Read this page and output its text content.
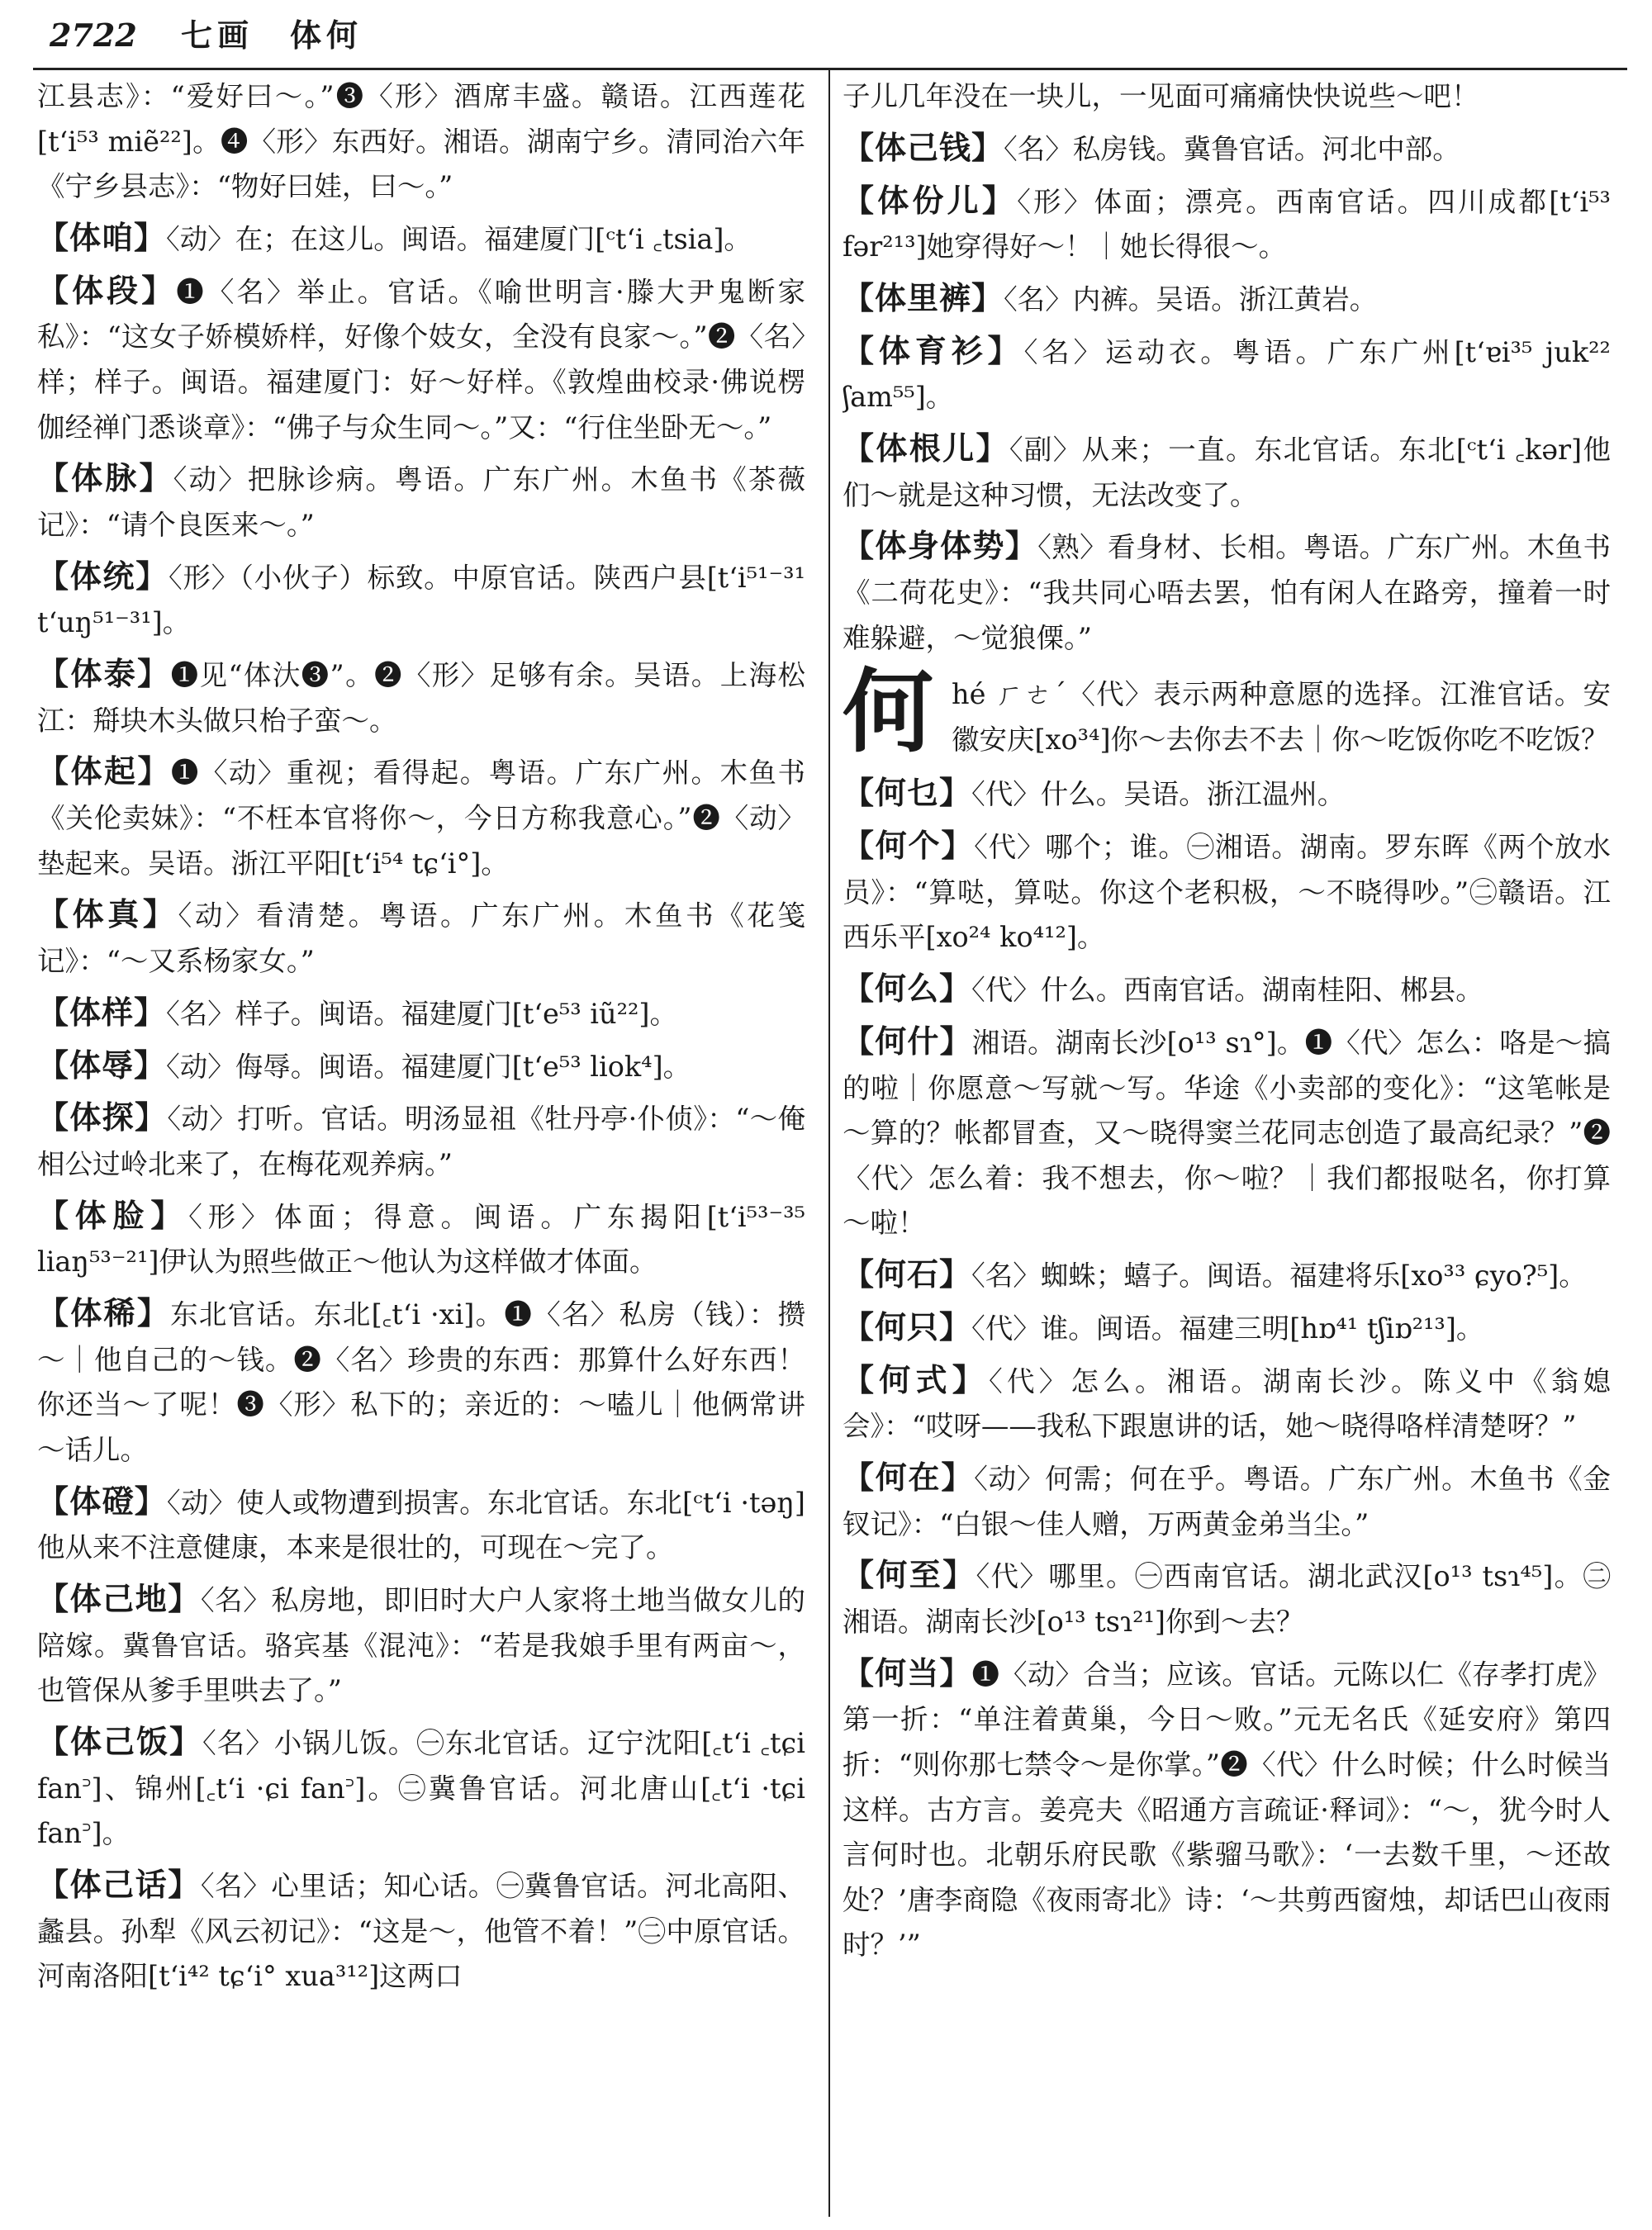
2722 七画　体何
江县志》：“爱好曰～。”❸〈形〉酒席丰盛。赣语。江西莲花[tʻi⁵³ miẽ²²]。❹〈形〉东西好。湘语。湖南宁乡。清同治六年《宁乡县志》：“物好曰娃，曰～。”
【体咱】〈动〉在；在这儿。闽语。福建厦门[ᶜtʻi ꜀tsia]。
【体段】❶〈名〉举止。官话。《喻世明言·滕大尹鬼断家私》：“这女子娇模娇样，好像个妓女，全没有良家～。”❷〈名〉样；样子。闽语。福建厦门：好～好样。《敦煌曲校录·佛说楞伽经禅门悉谈章》：“佛子与众生同～。”又：“行住坐卧无～。”
【体脉】〈动〉把脉诊病。粤语。广东广州。木鱼书《茶薇记》：“请个良医来～。”
【体统】〈形〉（小伙子）标致。中原官话。陕西户县[tʻi⁵¹⁻³¹ tʻuŋ⁵¹⁻³¹]。
【体泰】❶见“体汏❸”。❷〈形〉足够有余。吴语。上海松江：搿块木头做只枱子蛮～。
【体起】❶〈动〉重视；看得起。粤语。广东广州。木鱼书《关伦卖妹》：“不枉本官将你～，今日方称我意心。”❷〈动〉垫起来。吴语。浙江平阳[tʻi⁵⁴ tɕʻi°]。
【体真】〈动〉看清楚。粤语。广东广州。木鱼书《花笺记》：“～又系杨家女。”
【体样】〈名〉样子。闽语。福建厦门[tʻe⁵³ iũ²²]。
【体辱】〈动〉侮辱。闽语。福建厦门[tʻe⁵³ liok⁴]。
【体探】〈动〉打听。官话。明汤显祖《牡丹亭·仆侦》：“～俺相公过岭北来了，在梅花观养病。”
【体脸】〈形〉体面；得意。闽语。广东揭阳[tʻi⁵³⁻³⁵ liaŋ⁵³⁻²¹]伊认为照些做正～他认为这样做才体面。
【体稀】东北官话。东北[꜀tʻi ·xi]。❶〈名〉私房（钱）：攒～｜他自己的～钱。❷〈名〉珍贵的东西：那算什么好东西！你还当～了呢！❸〈形〉私下的；亲近的：～嗑儿｜他俩常讲～话儿。
【体磴】〈动〉使人或物遭到损害。东北官话。东北[ᶜtʻi ·təŋ]他从来不注意健康，本来是很壮的，可现在～完了。
【体己地】〈名〉私房地，即旧时大户人家将土地当做女儿的陪嫁。冀鲁官话。骆宾基《混沌》：“若是我娘手里有两亩～，也管保从爹手里哄去了。”
【体己饭】〈名〉小锅儿饭。㊀东北官话。辽宁沈阳[꜀tʻi ꜀tɕi fan꜄]、锦州[꜀tʻi ·ɕi fan꜄]。㊁冀鲁官话。河北唐山[꜀tʻi ·tɕi fan꜄]。
【体己话】〈名〉心里话；知心话。㊀冀鲁官话。河北高阳、蠡县。孙犁《风云初记》：“这是～，他管不着！”㊁中原官话。河南洛阳[tʻi⁴² tɕʻi° xua³¹²]这两口
子儿几年没在一块儿，一见面可痛痛快快说些～吧！
【体己钱】〈名〉私房钱。冀鲁官话。河北中部。
【体份儿】〈形〉体面；漂亮。西南官话。四川成都[tʻi⁵³ fər²¹³]她穿得好～！｜她长得很～。
【体里裤】〈名〉内裤。吴语。浙江黄岩。
【体育衫】〈名〉运动衣。粤语。广东广州[tʻɐi³⁵ juk²² ʃam⁵⁵]。
【体根儿】〈副〉从来；一直。东北官话。东北[ᶜtʻi ꜀kər]他们～就是这种习惯，无法改变了。
【体身体势】〈熟〉看身材、长相。粤语。广东广州。木鱼书《二荷花史》：“我共同心唔去罢，怕有闲人在路旁，撞着一时难躲避，～觉狼傈。”
何hé ㄏㄜˊ〈代〉表示两种意愿的选择。江淮官话。安徽安庆[xo³⁴]你～去你去不去｜你～吃饭你吃不吃饭？
【何乜】〈代〉什么。吴语。浙江温州。
【何个】〈代〉哪个；谁。㊀湘语。湖南。罗东晖《两个放水员》：“算哒，算哒。你这个老积极，～不晓得吵。”㊁赣语。江西乐平[xo²⁴ ko⁴¹²]。
【何么】〈代〉什么。西南官话。湖南桂阳、郴县。
【何什】湘语。湖南长沙[o¹³ sɿ°]。❶〈代〉怎么：咯是～搞的啦｜你愿意～写就～写。华途《小卖部的变化》：“这笔帐是～算的？帐都冒查，又～晓得窦兰花同志创造了最高纪录？”❷〈代〉怎么着：我不想去，你～啦？｜我们都报哒名，你打算～啦！
【何石】〈名〉蜘蛛；蟢子。闽语。福建将乐[xo³³ ɕyo?⁵]。
【何只】〈代〉谁。闽语。福建三明[hɒ⁴¹ tʃiɒ²¹³]。
【何式】〈代〉怎么。湘语。湖南长沙。陈义中《翁媳会》：“哎呀——我私下跟崽讲的话，她～晓得咯样清楚呀？”
【何在】〈动〉何需；何在乎。粤语。广东广州。木鱼书《金钗记》：“白银～佳人赠，万两黄金弟当尘。”
【何至】〈代〉哪里。㊀西南官话。湖北武汉[o¹³ tsɿ⁴⁵]。㊁湘语。湖南长沙[o¹³ tsɿ²¹]你到～去？
【何当】❶〈动〉合当；应该。官话。元陈以仁《存孝打虎》第一折：“单注着黄巢，今日～败。”元无名氏《延安府》第四折：“则你那七禁令～是你掌。”❷〈代〉什么时候；什么时候当这样。古方言。姜亮夫《昭通方言疏证·释词》：“～，犹今时人言何时也。北朝乐府民歌《紫骝马歌》：‘一去数千里，～还故处？’唐李商隐《夜雨寄北》诗：‘～共剪西窗烛，却话巴山夜雨时？’”
